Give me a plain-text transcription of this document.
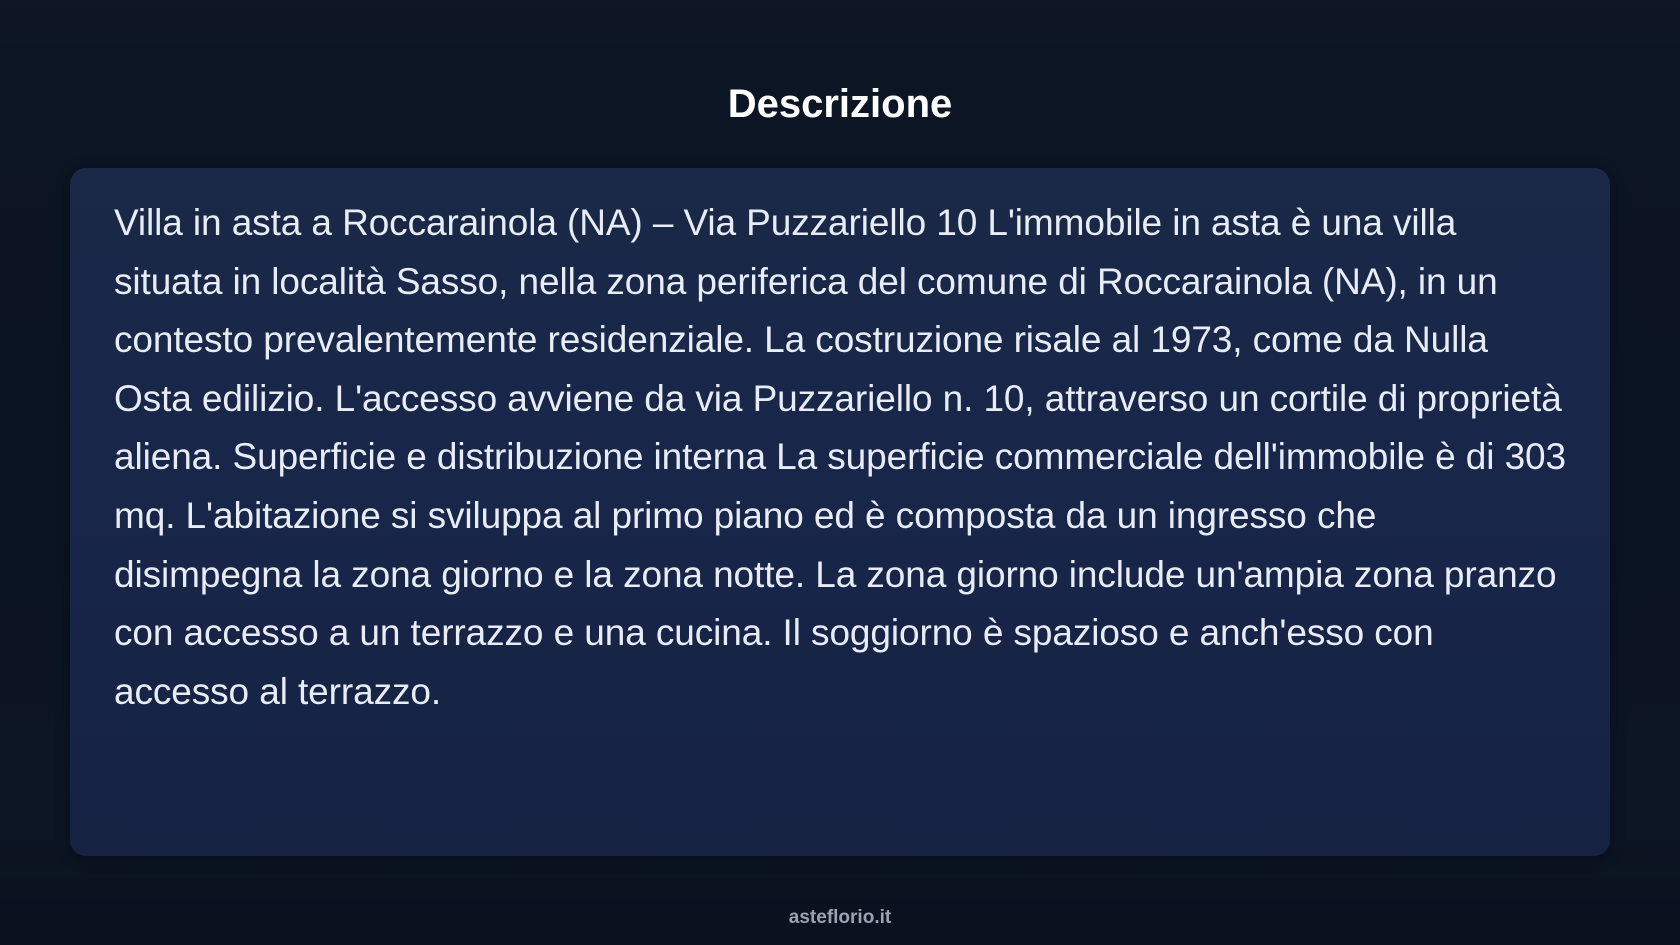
Descrizione

Villa in asta a Roccarainola (NA) – Via Puzzariello 10 L'immobile in asta è una villa situata in località Sasso, nella zona periferica del comune di Roccarainola (NA), in un contesto prevalentemente residenziale. La costruzione risale al 1973, come da Nulla Osta edilizio. L'accesso avviene da via Puzzariello n. 10, attraverso un cortile di proprietà aliena. Superficie e distribuzione interna La superficie commerciale dell'immobile è di 303 mq. L'abitazione si sviluppa al primo piano ed è composta da un ingresso che disimpegna la zona giorno e la zona notte. La zona giorno include un'ampia zona pranzo con accesso a un terrazzo e una cucina. Il soggiorno è spazioso e anch'esso con accesso al terrazzo.

asteflorio.it
